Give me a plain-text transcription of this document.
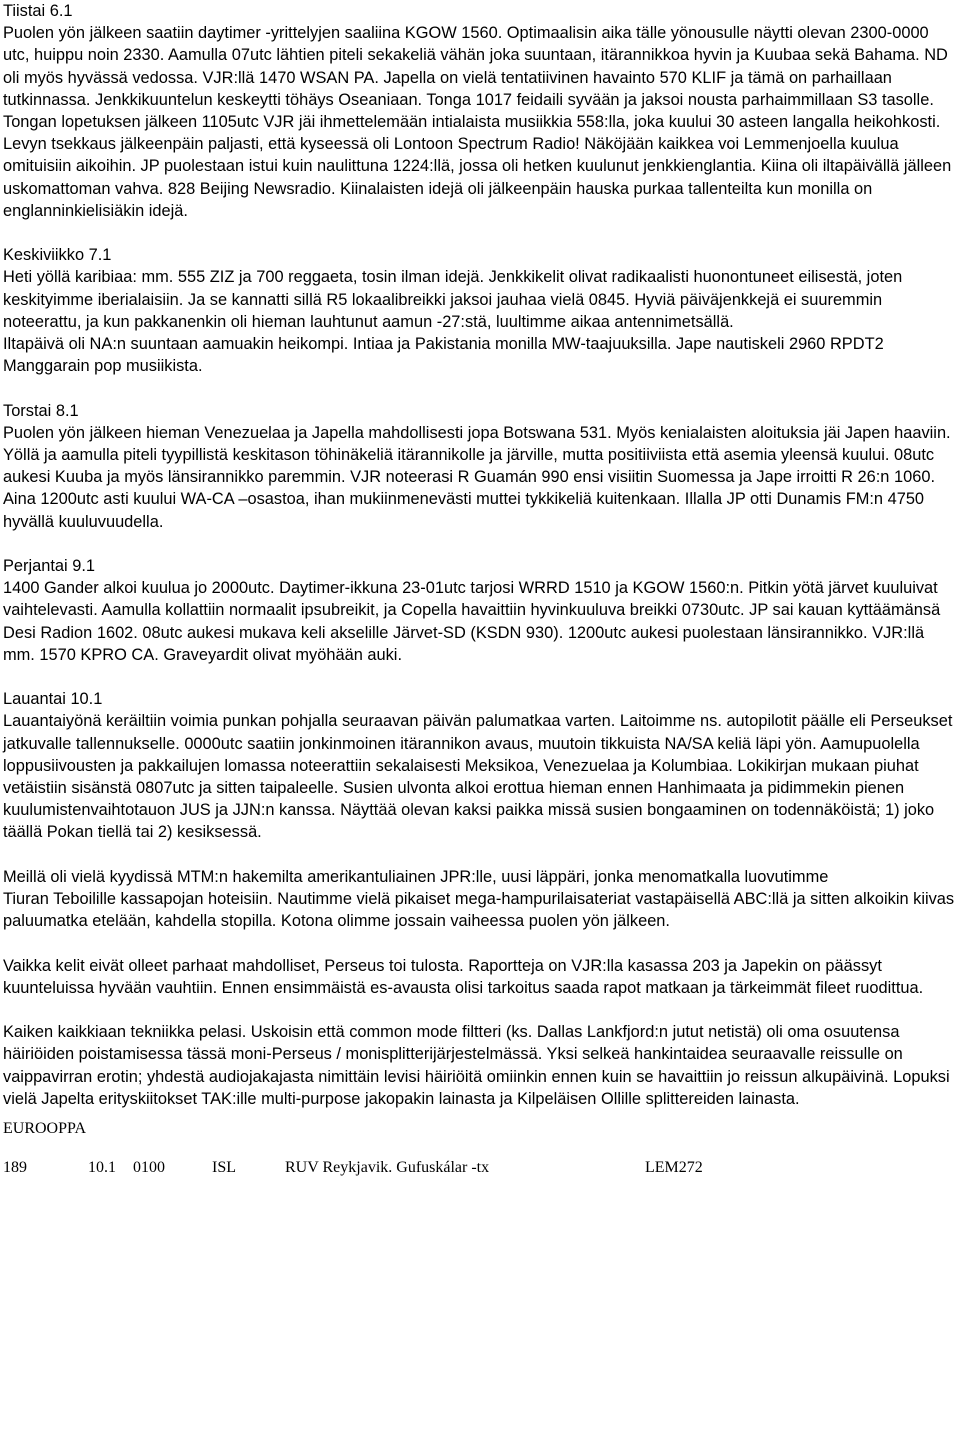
Tiistai 6.1

Puolen yön jälkeen saatiin daytimer -yrittelyjen saaliina KGOW 1560. Optimaalisin aika tälle yönousulle näytti olevan 2300-0000 utc, huippu noin 2330. Aamulla 07utc lähtien piteli sekakeliä vähän joka suuntaan, itärannikkoa hyvin ja Kuubaa sekä Bahama. ND oli myös hyvässä vedossa. VJR:llä 1470 WSAN PA. Japella on vielä tentatiivinen havainto 570 KLIF ja tämä on parhaillaan tutkinnassa. Jenkkikuuntelun keskeytti töhäys Oseaniaan. Tonga 1017 feidaili syvään ja jaksoi nousta parhaimmillaan S3 tasolle. Tongan lopetuksen jälkeen 1105utc VJR jäi ihmettelemään intialaista musiikkia 558:lla, joka kuului 30 asteen langalla heikohkosti. Levyn tsekkaus jälkeenpäin paljasti, että kyseessä oli Lontoon Spectrum Radio! Näköjään kaikkea voi Lemmenjoella kuulua omituisiin aikoihin. JP puolestaan istui kuin naulittuna 1224:llä, jossa oli hetken kuulunut jenkkienglantia. Kiina oli iltapäivällä jälleen uskomattoman vahva. 828 Beijing Newsradio. Kiinalaisten idejä oli jälkeenpäin hauska purkaa tallenteilta kun monilla on englanninkielisiäkin idejä.

Keskiviikko 7.1

Heti yöllä karibiaa: mm. 555 ZIZ ja 700 reggaeta, tosin ilman idejä. Jenkkikelit olivat radikaalisti huonontuneet eilisestä, joten keskityimme iberialaisiin. Ja se kannatti sillä R5 lokaalibreikki jaksoi jauhaa vielä 0845. Hyviä päiväjenkkejä ei suuremmin noteerattu, ja kun pakkanenkin oli hieman lauhtunut aamun -27:stä, luultimme aikaa antennimetsällä.

Iltapäivä oli NA:n suuntaan aamuakin heikompi. Intiaa ja Pakistania monilla MW-taajuuksilla. Jape nautiskeli 2960 RPDT2 Manggarain pop musiikista.

Torstai 8.1

Puolen yön jälkeen hieman Venezuelaa ja Japella mahdollisesti jopa Botswana 531. Myös kenialaisten aloituksia jäi Japen haaviin. Yöllä ja aamulla piteli tyypillistä keskitason töhinäkeliä itärannikolle ja järville, mutta positiiviista että asemia yleensä kuului. 08utc aukesi Kuuba ja myös länsirannikko paremmin. VJR noteerasi R Guamán 990 ensi visiitin Suomessa ja Jape irroitti R 26:n 1060. Aina 1200utc asti kuului WA-CA –osastoa, ihan mukiinmenevästi muttei tykkikeliä kuitenkaan. Illalla JP otti Dunamis FM:n 4750 hyvällä kuuluvuudella.

Perjantai 9.1

1400 Gander alkoi kuulua jo 2000utc. Daytimer-ikkuna 23-01utc tarjosi WRRD 1510 ja KGOW 1560:n. Pitkin yötä järvet kuuluivat vaihtelevasti. Aamulla kollattiin normaalit ipsubreikit, ja Copella havaittiin hyvinkuuluva breikki 0730utc. JP sai kauan kyttäämänsä Desi Radion 1602. 08utc aukesi mukava keli akselille Järvet-SD (KSDN 930). 1200utc aukesi puolestaan länsirannikko. VJR:llä mm. 1570 KPRO CA. Graveyardit olivat myöhään auki.

Lauantai 10.1

Lauantaiyönä keräiltiin voimia punkan pohjalla seuraavan päivän palumatkaa varten. Laitoimme ns. autopilotit päälle eli Perseukset jatkuvalle tallennukselle. 0000utc saatiin jonkinmoinen itärannikon avaus, muutoin tikkuista NA/SA keliä läpi yön. Aamupuolella loppusiivousten ja pakkailujen lomassa noteerattiin sekalaisesti Meksikoa, Venezuelaa ja Kolumbiaa. Lokikirjan mukaan piuhat vetäistiin sisänstä 0807utc ja sitten taipaleelle. Susien ulvonta alkoi erottua hieman ennen Hanhimaata ja pidimmekin pienen kuulumistenvaihtotauon JUS ja JJN:n kanssa. Näyttää olevan kaksi paikka missä susien bongaaminen on todennäköistä; 1) joko täällä Pokan tiellä tai 2) kesiksessä.

Meillä oli vielä kyydissä MTM:n hakemilta amerikantuliainen JPR:lle, uusi läppäri, jonka menomatkalla luovutimme

Tiuran Teboilille kassapojan hoteisiin. Nautimme vielä pikaiset mega-hampurilaisateriat vastapäisellä ABC:llä ja sitten alkoikin kiivas paluumatka etelään, kahdella stopilla. Kotona olimme jossain vaiheessa puolen yön jälkeen.

Vaikka kelit eivät olleet parhaat mahdolliset, Perseus toi tulosta. Raportteja on VJR:lla kasassa 203 ja Japekin on päässyt kuunteluissa hyvään vauhtiin. Ennen ensimmäistä es-avausta olisi tarkoitus saada rapot matkaan ja tärkeimmät fileet ruodittua.

Kaiken kaikkiaan tekniikka pelasi. Uskoisin että common mode filtteri (ks. Dallas Lankfjord:n jutut netistä) oli oma osuutensa häiriöiden poistamisessa tässä moni-Perseus / monisplitterijärjestelmässä. Yksi selkeä hankintaidea seuraavalle reissulle on vaippavirran erotin; yhdestä audiojakajasta nimittäin levisi häiriöitä omiinkin ennen kuin se havaittiin jo reissun alkupäivinä. Lopuksi vielä Japelta erityskiitokset TAK:ille multi-purpose jakopakin lainasta ja Kilpeläisen Ollille splittereiden lainasta.

EUROOPPA
189	10.1 0100	ISL	RUV Reykjavik. Gufuskálar -tx	LEM272
